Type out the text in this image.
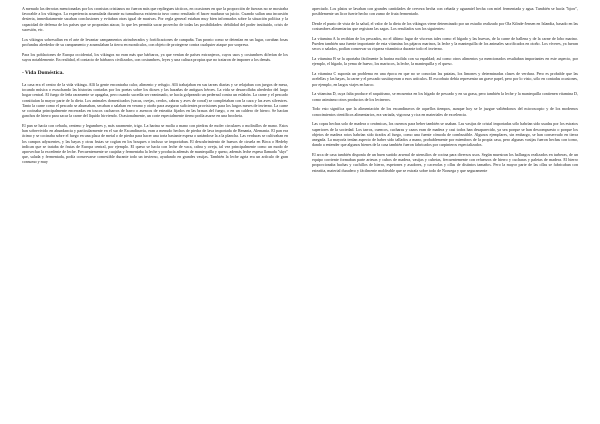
A menudo las derrotas mencionadas por los cronistas cristianos no fueron más que repliegues tácticos, en ocasiones en que la proporción de fuerzas no se mostraba favorable a los vikingos. La experiencia acumulada durante su tumultuosa existencia tuvo como resultado el hacer madurar su juicio. Cuando salían una incursión desierta, inmediatamente sacaban conclusiones y evitaban otras igual de masivas. Por regla general estaban muy bien informados sobre la situación política y la capacidad de defensa de los países que se proponían atacar, lo que les permitía sacar provecho de todas las posibilidades: debilidad del poder instituido, crisis de sucesión, etc.

Los vikingos sobresalían en el arte de levantar campamentos atrincherados y fortificaciones de campaña. Tan pronto como se detenían en un lugar, cavaban fosas profundas alrededor de su campamento y acumulaban la tierra en montículos, con objeto de protegerse contra cualquier ataque por sorpresa.

Para los poblaciones de Europa occidental, los vikingos no eran más que bárbaros, ya que venían de países extranjeros, cuyos usos y costumbres diferían de los suyos notablemente. En realidad, el contacto de bárbaros civilizados, con costumbres, leyes y una cultura propias que no trataron de imponer a los demás.

-Vida Doméstica.

La casa era el centro de la vida vikinga. Allí la gente encontraba calor, alimento y refugio. Allí trabajaban en sus tareas diarias y se relajaban con juegos de mesa, tocando música o escuchando las historias contadas por los poetas sobre los dioses y las hazañas de antiguos héroes. La vida se desarrollaba alrededor del largo hogar central. El fuego de leña raramente se apagaba, pero cuando sucedía ser reanimado, se hacía golpeando un pedernal contra un eslabón. La carne y el pescado constituían la mayor parte de la dieta. Los animales domesticados (vacas, ovejas, cerdos, cabras y aves de corral) se completaban con la caza y las aves silvestres. Tanto la carne como el pescado se ahumaban, secaban o salaban en verano y otoño para asegurar suficientes provisiones para los largos meses de invierno. La carne se cocinaba principalmente encerradas en toscos cacharros de barro o asencos de esteatita fijados en las brasas del fuego, o en un caldero de hierro. Se hacían ganchos de hierro para sacar la carne del líquido hirviendo. Ocasionalmente, un corte especialmente tierno podía asarse en una brocheta.

El pan se hacía con cebada, centeno y legumbres y, más raramente, trigo. La harina se molía a mano con piedras de moler circulares o molinillos de mano. Estos han sobrevivido en abundancia y particularmente en el sur de Escandinavia, eran a menudo hechos de piedra de lava importada de Renania, Alemania. El pan era ácimo y se cocinaba sobre el fuego en una placa de metal o de piedra para hacer una torta bastante espesa o untándose la a la plancha. Las verduras se cultivaban en los campos adyacentes, y las bayas y otras frutas se cogían en los bosques o incluso se importaban. El descubrimiento de huesos de ciruela en Birca o Hedeby indican que se trataba de frutas de Europa central, por ejemplo. El queso se hacía con leche de vaca, cabra y oveja, tal vez principalmente como un modo de aprovechar la excedente de leche. Frecuentemente se cuajaba y fermentaba la leche y producía además de mantequilla y queso, además leche espesa llamada "skyr" que, salada y fermentada, podía conservarse comestible durante todo un invierno, ayudando en grandes vasijas. También la leche agria era un artículo de gran consumo y muy

apreciado. Los platos se lavaban con grandes cantidades de cerveza hecha con cebada y aguamiel hecha con miel fermentada y agua. También se hacía "bjorr", posiblemente un licor fuerte hecho con zumo de fruta fermentado.

Desde el punto de vista de la salud, el valor de la dieta de los vikingos viene determinado por un estudio realizado por Ola Kilnde-Jensen en Islandia, basado en las costumbres alimentarias que registran las sagas. Los resultados son los siguientes:

La vitamina A la recibían de los pescados, no el último lugar de vísceras tales como el hígado y las huevas, de la carne de ballena y de la carne de lobo marino. Pueden también una fuente importante de esta vitamina los pájaros marinos, la leche y la mantequilla de los animales sacrificados en otoño. Los víveres, ya fueran secos o salados, podían conservar su riqueza vitamínica durante todo el invierno.

La vitamina B se la aportaba fácilmente la harina molida con su espaldad; así como otros alimentos ya mencionados resultaban importantes en este aspecto, por ejemplo, el hígado, la yema de huevo, los mariscos, la leche, la mantequilla y el queso.

La vitamina C suponía un problema en una época en que no se conocían las patatas, los limones y determinadas clases de verdura. Pero es probable que las acelellas y las bayas, la carne y el pescado sustituyeran a esos artículos. El escorbuto debía representar un grave papel, pero por lo visto, sólo en contadas ocasiones, por ejemplo, en largos viajes en barco.

La vitamina D, cuya falta produce el raquitismo, se encuentra en los hígado de pescado y en su grasa, pero también la leche y la mantequilla contienen vitamina D, como asimismo otros productos de los lecineros.

Todo esto significa que la alimentación de los escandinavos de aquellos tiempos, aunque hoy se le juzgue valiéndonos del microscopio y de los modernos conocimientos científicos alimentarios, era variada, vigorosa y rica en materiales de excelencia.

Las copas hechas solo de madera o cerámicas, los cuernos para beber también se usaban. Las vasijas de cristal importadas sólo habrían sido usadas por los estratos superiores de la sociedad. Los tarros, cuencos, cucharas y cazos eran de madera y casi todos han desaparecido, ya sea porque se han descompuesto o porque los objetos de madera rotos habrían sido tirados al fuego, como una fuente cómoda de combustible. Algunos ejemplares, sin embargo, se han conservado en tierra anegada. La mayoría tenían aspecto de haber sido tallados a mano, probablemente por miembros de la propia casa, pero algunas vasijas fueron hechas con torno, dando a entender que algunos bienes de la casa también fueron fabricados por carpinteros especializados.

El arca de casa también disponía de un buen surtido arsenal de utensilios de cocina para diversos usos. Según muestran los hallazgos realizados en turberas, de un equipo corriente formaban parte artesas y cubos de madera, vasijas y cubetas, frecuentemente con refuerzos de hierro y cucharas y paletas de madera. El hierro proporcionaba hachas y cuchillos de hierro, espetones y asadores, y cacerolas y ollas de distintos tamaños. Pero la mayor parte de las ollas se fabricaban con esteatita, material duradero y fácilmente moldeable que se extraía sobre todo de Noruega y que seguramente
